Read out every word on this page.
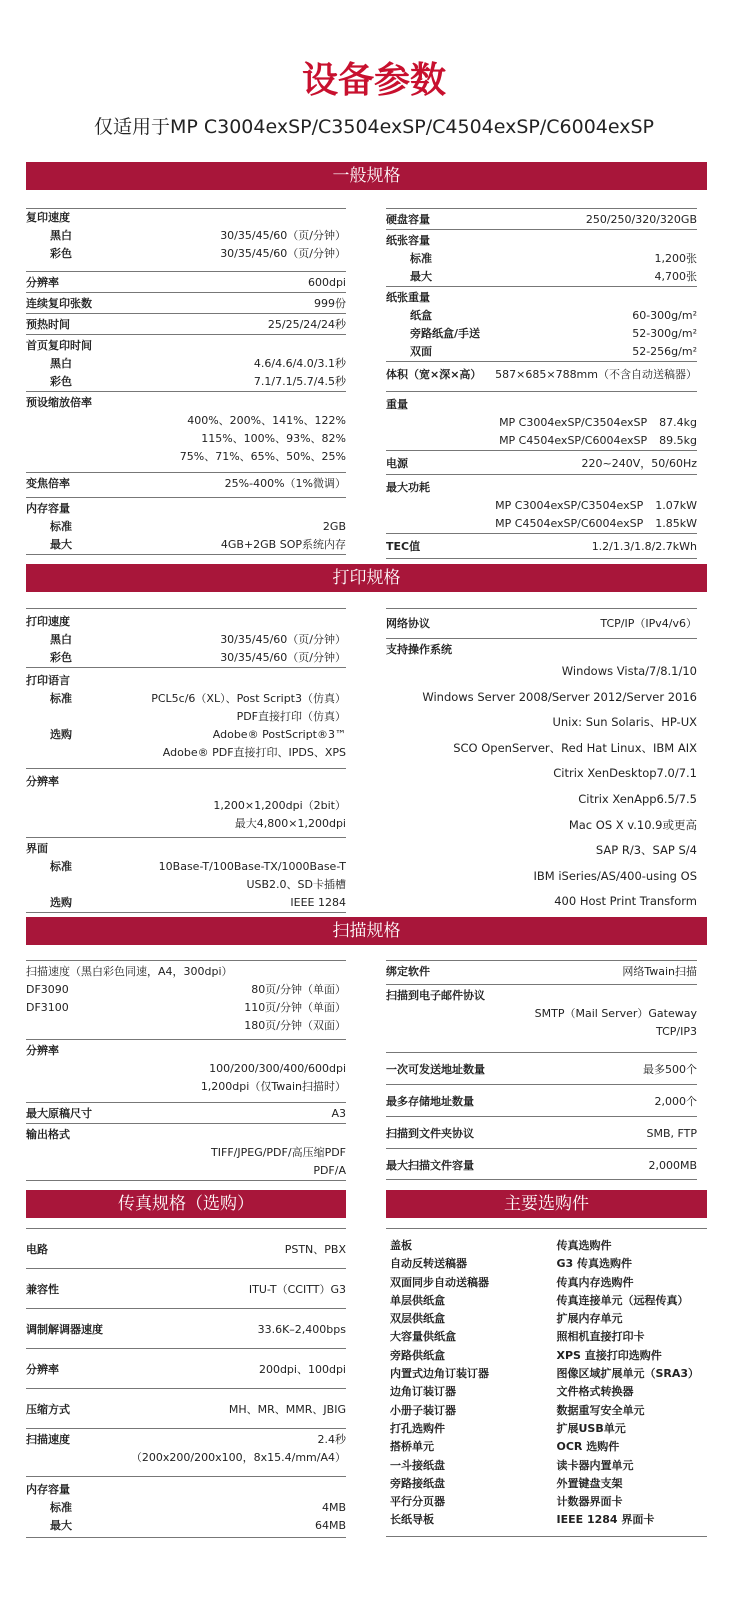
设备参数
仅适用于MP C3004exSP/C3504exSP/C4504exSP/C6004exSP
一般规格
复印速度
黑白	30/35/45/60（页/分钟）
彩色	30/35/45/60（页/分钟）
分辨率	600dpi
连续复印张数	999份
预热时间	25/25/24/24秒
首页复印时间
黑白	4.6/4.6/4.0/3.1秒
彩色	7.1/7.1/5.7/4.5秒
预设缩放倍率
400%、200%、141%、122%
115%、100%、93%、82%
75%、71%、65%、50%、25%
变焦倍率	25%-400%（1%微调）
内存容量
标准	2GB
最大	4GB+2GB SOP系统内存
硬盘容量	250/250/320/320GB
纸张容量
标准	1,200张
最大	4,700张
纸张重量
纸盒	60-300g/m²
旁路纸盒/手送	52-300g/m²
双面	52-256g/m²
体积（宽×深×高） 587×685×788mm（不含自动送稿器）
重量
MP C3004exSP/C3504exSP 87.4kg
MP C4504exSP/C6004exSP 89.5kg
电源	220~240V，50/60Hz
最大功耗
MP C3004exSP/C3504exSP 1.07kW
MP C4504exSP/C6004exSP 1.85kW
TEC值	1.2/1.3/1.8/2.7kWh
打印规格
打印速度
黑白	30/35/45/60（页/分钟）
彩色	30/35/45/60（页/分钟）
打印语言
标准	PCL5c/6（XL）、Post Script3（仿真）
PDF直接打印（仿真）
选购	Adobe® PostScript®3™
Adobe® PDF直接打印、IPDS、XPS
分辨率
1,200×1,200dpi（2bit）
最大4,800×1,200dpi
界面
标准	10Base-T/100Base-TX/1000Base-T
USB2.0、SD卡插槽
选购	IEEE 1284
网络协议	TCP/IP（IPv4/v6）
支持操作系统
Windows Vista/7/8.1/10
Windows Server 2008/Server 2012/Server 2016
Unix: Sun Solaris、HP-UX
SCO OpenServer、Red Hat Linux、IBM AIX
Citrix XenDesktop7.0/7.1
Citrix XenApp6.5/7.5
Mac OS X v.10.9或更高
SAP R/3、SAP S/4
IBM iSeries/AS/400-using OS
400 Host Print Transform
扫描规格
扫描速度（黑白彩色同速，A4，300dpi）
DF3090	80页/分钟（单面）
DF3100	110页/分钟（单面）
180页/分钟（双面）
分辨率
100/200/300/400/600dpi
1,200dpi（仅Twain扫描时）
最大原稿尺寸	A3
输出格式
TIFF/JPEG/PDF/高压缩PDF
PDF/A
绑定软件	网络Twain扫描
扫描到电子邮件协议
SMTP（Mail Server）Gateway
TCP/IP3
一次可发送地址数量	最多500个
最多存储地址数量	2,000个
扫描到文件夹协议	SMB, FTP
最大扫描文件容量	2,000MB
传真规格（选购）
电路	PSTN、PBX
兼容性	ITU-T（CCITT）G3
调制解调器速度	33.6K–2,400bps
分辨率	200dpi、100dpi
压缩方式	MH、MR、MMR、JBIG
扫描速度	2.4秒
（200x200/200x100，8x15.4/mm/A4）
内存容量
标准	4MB
最大	64MB
主要选购件
盖板
自动反转送稿器
双面同步自动送稿器
单层供纸盒
双层供纸盒
大容量供纸盒
旁路供纸盒
内置式边角订装订器
边角订装订器
小册子装订器
打孔选购件
搭桥单元
一斗接纸盘
旁路接纸盘
平行分页器
长纸导板
传真选购件
G3 传真选购件
传真内存选购件
传真连接单元（远程传真）
扩展内存单元
照相机直接打印卡
XPS 直接打印选购件
图像区域扩展单元（SRA3）
文件格式转换器
数据重写安全单元
扩展USB单元
OCR 选购件
读卡器内置单元
外置键盘支架
计数器界面卡
IEEE 1284 界面卡
